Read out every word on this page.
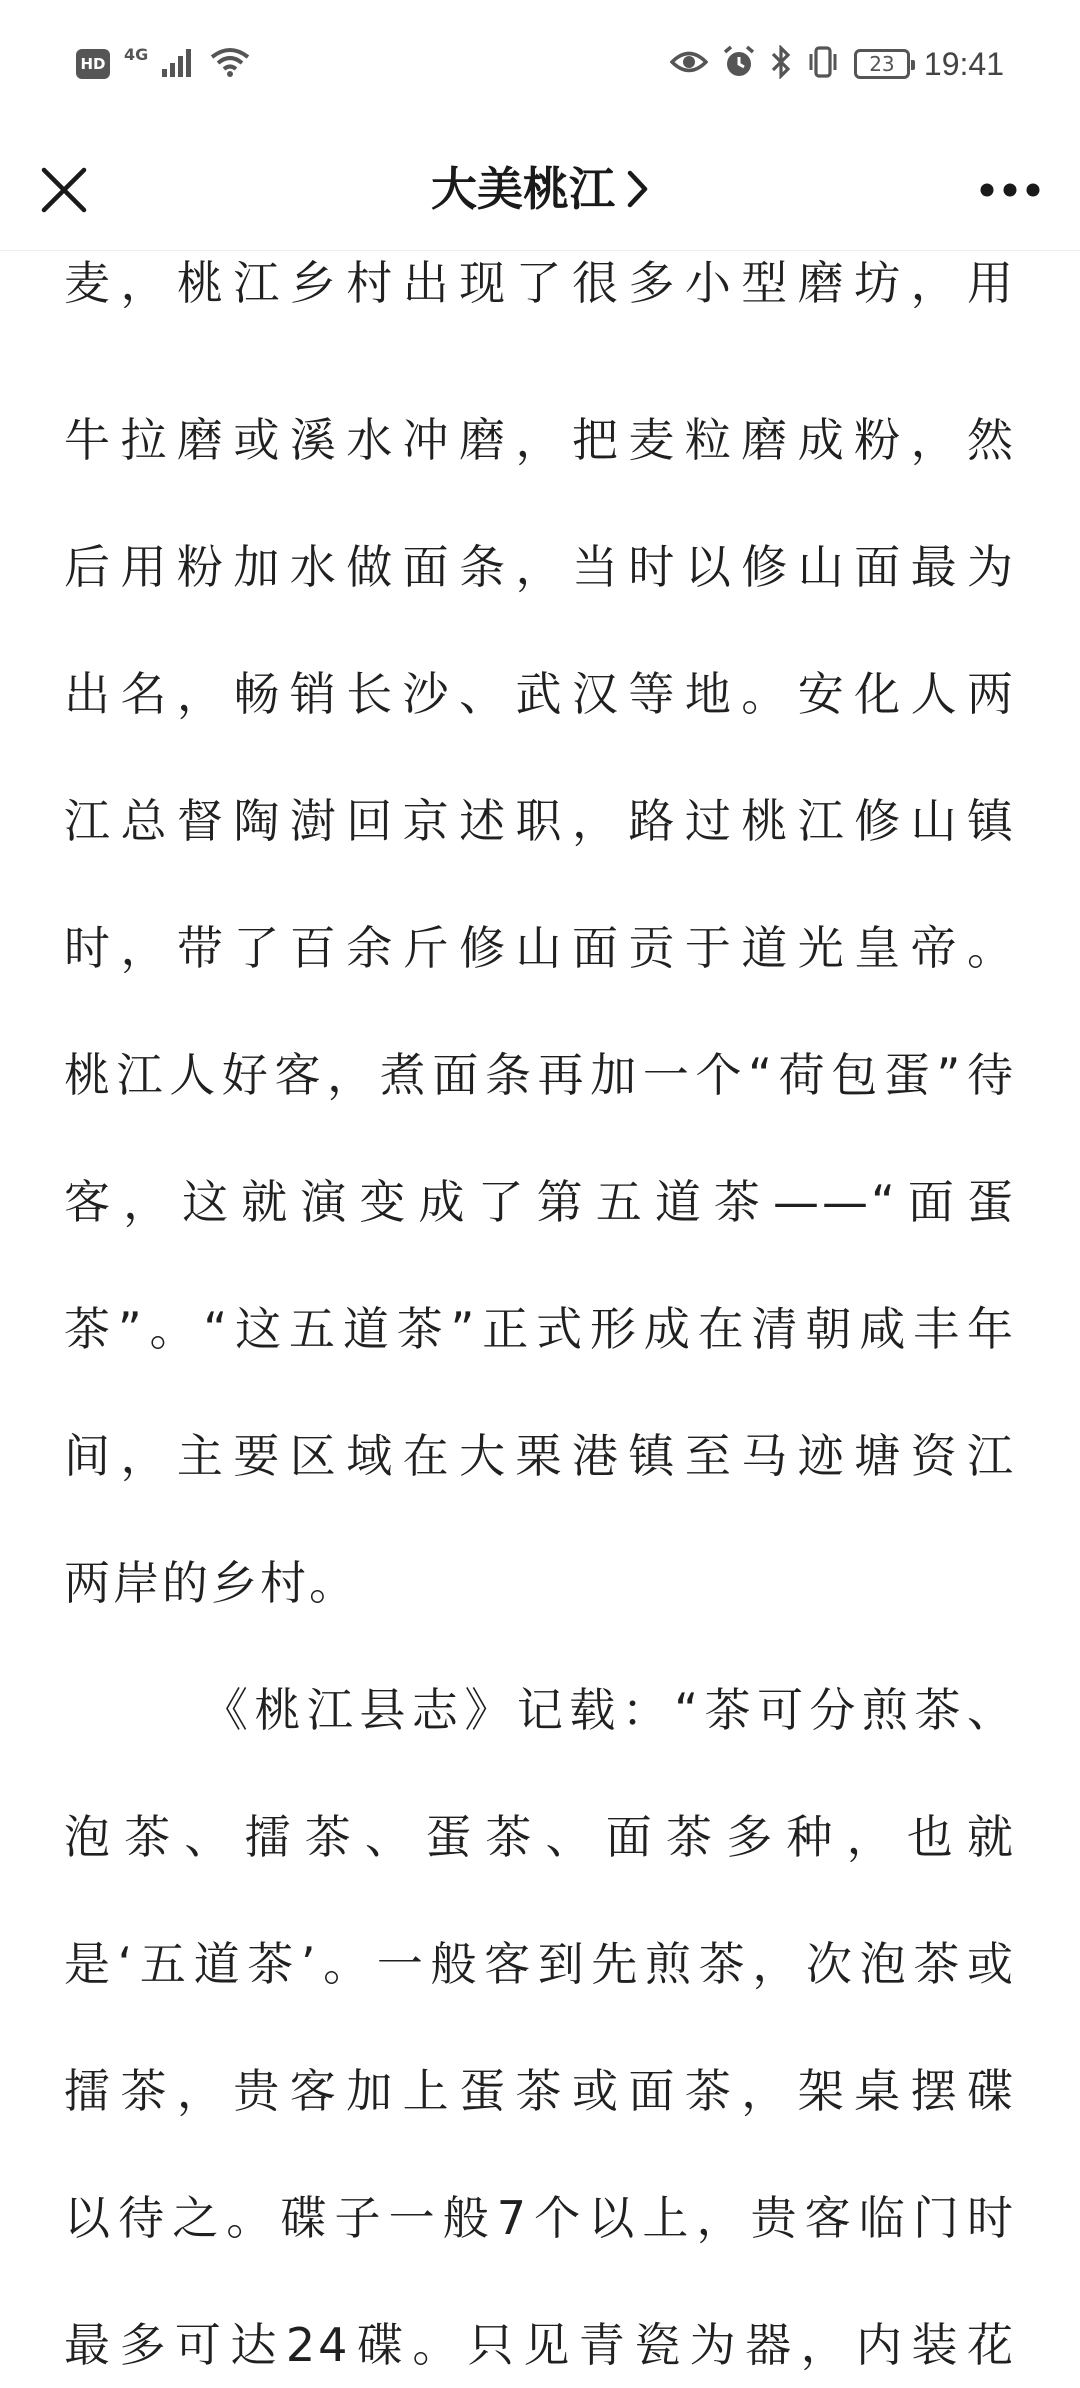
HD
4G	23 19:41
大美桃江
麦，桃江乡村出现了很多小型磨坊，用
牛拉磨或溪水冲磨，把麦粒磨成粉，然
后用粉加水做面条，当时以修山面最为
出名，畅销长沙、武汉等地。安化人两
江总督陶澍回京述职，路过桃江修山镇
时，带了百余斤修山面贡于道光皇帝。
桃江人好客，煮面条再加一个“荷包蛋”待
客，这就演变成了第五道茶——“面蛋
茶”。“这五道茶”正式形成在清朝咸丰年
间，主要区域在大栗港镇至马迹塘资江
两岸的乡村。
《桃江县志》记载：“茶可分煎茶、
泡茶、擂茶、蛋茶、面茶多种，也就
是‘五道茶’。一般客到先煎茶，次泡茶或
擂茶，贵客加上蛋茶或面茶，架桌摆碟
以待之。碟子一般7个以上，贵客临门时
最多可达24碟。只见青瓷为器，内装花
